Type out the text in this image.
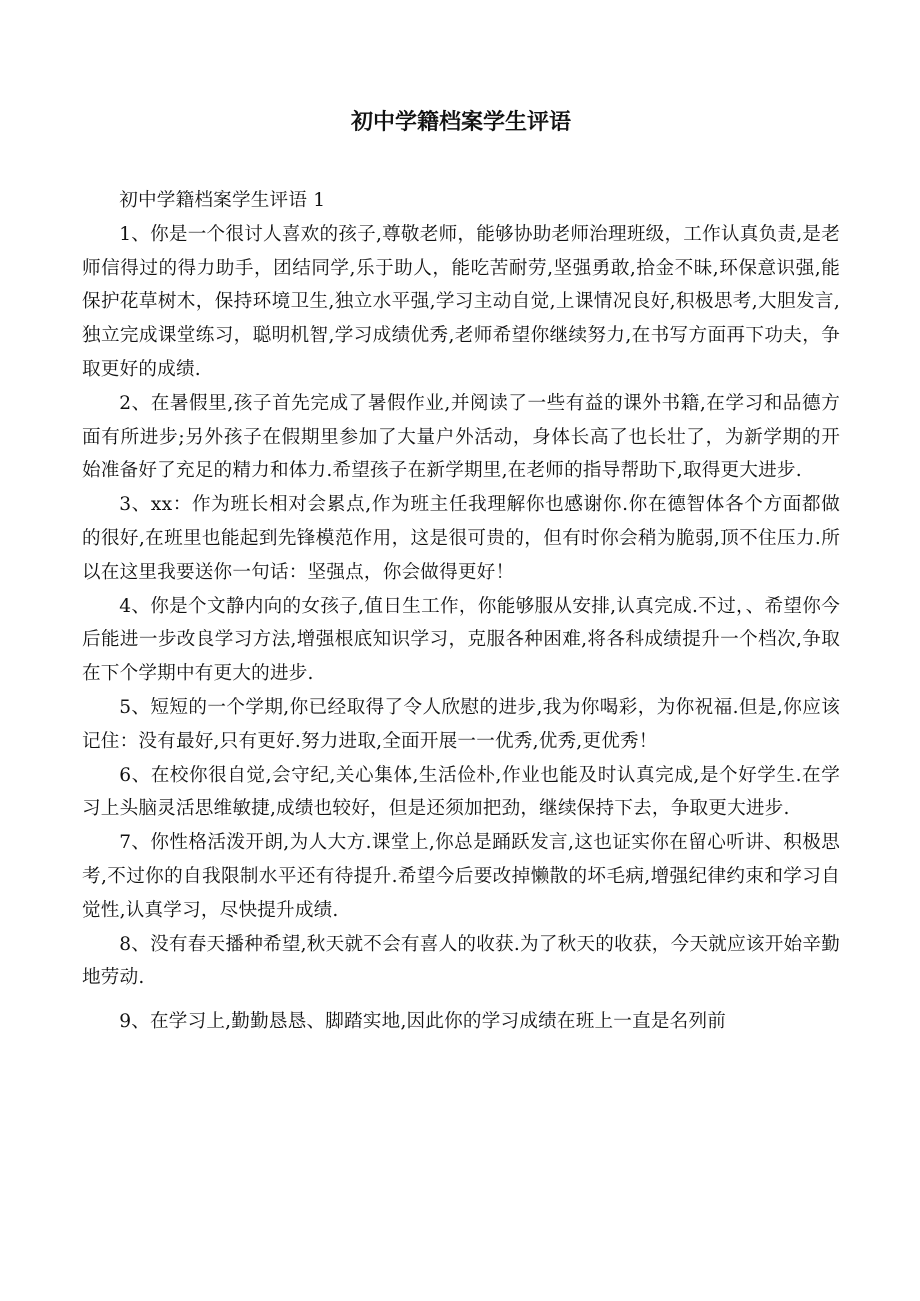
初中学籍档案学生评语

初中学籍档案学生评语 1

1、你是一个很讨人喜欢的孩子,尊敬老师，能够协助老师治理班级，工作认真负责,是老师信得过的得力助手，团结同学,乐于助人，能吃苦耐劳,坚强勇敢,拾金不昧,环保意识强,能保护花草树木，保持环境卫生,独立水平强,学习主动自觉,上课情况良好,积极思考,大胆发言,独立完成课堂练习，聪明机智,学习成绩优秀,老师希望你继续努力,在书写方面再下功夫，争取更好的成绩.

2、在暑假里,孩子首先完成了暑假作业,并阅读了一些有益的课外书籍,在学习和品德方面有所进步;另外孩子在假期里参加了大量户外活动，身体长高了也长壮了，为新学期的开始准备好了充足的精力和体力.希望孩子在新学期里,在老师的指导帮助下,取得更大进步.

3、xx：作为班长相对会累点,作为班主任我理解你也感谢你.你在德智体各个方面都做的很好,在班里也能起到先锋模范作用，这是很可贵的，但有时你会稍为脆弱,顶不住压力.所以在这里我要送你一句话：坚强点，你会做得更好！

4、你是个文静内向的女孩子,值日生工作，你能够服从安排,认真完成.不过，、希望你今后能进一步改良学习方法,增强根底知识学习，克服各种困难,将各科成绩提升一个档次,争取在下个学期中有更大的进步.

5、短短的一个学期,你已经取得了令人欣慰的进步,我为你喝彩，为你祝福.但是,你应该记住：没有最好,只有更好.努力进取,全面开展一一优秀,优秀,更优秀！

6、在校你很自觉,会守纪,关心集体,生活俭朴,作业也能及时认真完成,是个好学生.在学习上头脑灵活思维敏捷,成绩也较好，但是还须加把劲，继续保持下去，争取更大进步.

7、你性格活泼开朗,为人大方.课堂上,你总是踊跃发言,这也证实你在留心听讲、积极思考,不过你的自我限制水平还有待提升.希望今后要改掉懒散的坏毛病,增强纪律约束和学习自觉性,认真学习，尽快提升成绩.

8、没有春天播种希望,秋天就不会有喜人的收获.为了秋天的收获，今天就应该开始辛勤地劳动.

9、在学习上,勤勤恳恳、脚踏实地,因此你的学习成绩在班上一直是名列前
